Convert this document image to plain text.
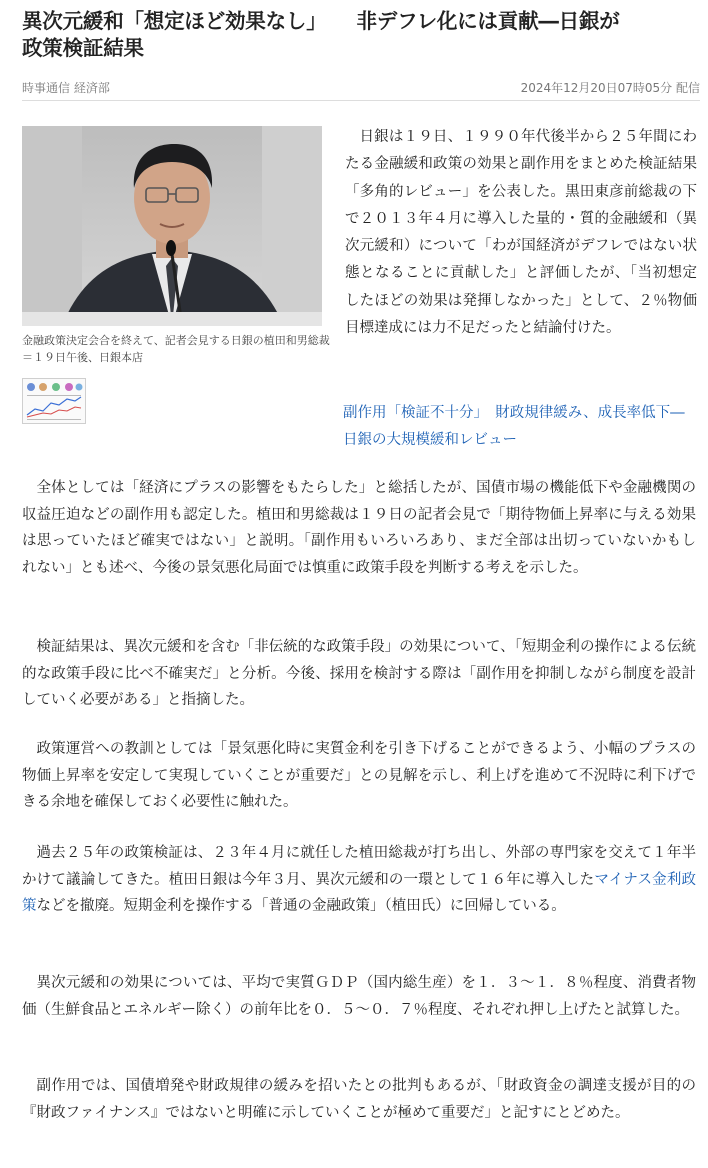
異次元緩和「想定ほど効果なし」 非デフレ化には貢献―日銀が
政策検証結果
時事通信 経済部	2024年12月20日07時05分 配信
金融政策決定会合を終えて、記者会見する日銀の植田和男総裁＝１９日午後、日銀本店

日銀は１９日、１９９０年代後半から２５年間にわたる金融緩和政策の効果と副作用をまとめた検証結果「多角的レビュー」を公表した。黒田東彦前総裁の下で２０１３年４月に導入した量的・質的金融緩和（異次元緩和）について「わが国経済がデフレではない状態となることに貢献した」と評価したが、「当初想定したほどの効果は発揮しなかった」として、２％物価目標達成には力不足だったと結論付けた。

副作用「検証不十分」　財政規律緩み、成長率低下―日銀の大規模緩和レビュー

全体としては「経済にプラスの影響をもたらした」と総括したが、国債市場の機能低下や金融機関の収益圧迫などの副作用も認定した。植田和男総裁は１９日の記者会見で「期待物価上昇率に与える効果は思っていたほど確実ではない」と説明。「副作用もいろいろあり、まだ全部は出切っていないかもしれない」とも述べ、今後の景気悪化局面では慎重に政策手段を判断する考えを示した。

検証結果は、異次元緩和を含む「非伝統的な政策手段」の効果について、「短期金利の操作による伝統的な政策手段に比べ不確実だ」と分析。今後、採用を検討する際は「副作用を抑制しながら制度を設計していく必要がある」と指摘した。

政策運営への教訓としては「景気悪化時に実質金利を引き下げることができるよう、小幅のプラスの物価上昇率を安定して実現していくことが重要だ」との見解を示し、利上げを進めて不況時に利下げできる余地を確保しておく必要性に触れた。

過去２５年の政策検証は、２３年４月に就任した植田総裁が打ち出し、外部の専門家を交えて１年半かけて議論してきた。植田日銀は今年３月、異次元緩和の一環として１６年に導入したマイナス金利政策などを撤廃。短期金利を操作する「普通の金融政策」（植田氏）に回帰している。

異次元緩和の効果については、平均で実質ＧＤＰ（国内総生産）を１．３～１．８％程度、消費者物価（生鮮食品とエネルギー除く）の前年比を０．５～０．７％程度、それぞれ押し上げたと試算した。

副作用では、国債増発や財政規律の緩みを招いたとの批判もあるが、「財政資金の調達支援が目的の『財政ファイナンス』ではないと明確に示していくことが極めて重要だ」と記すにとどめた。
